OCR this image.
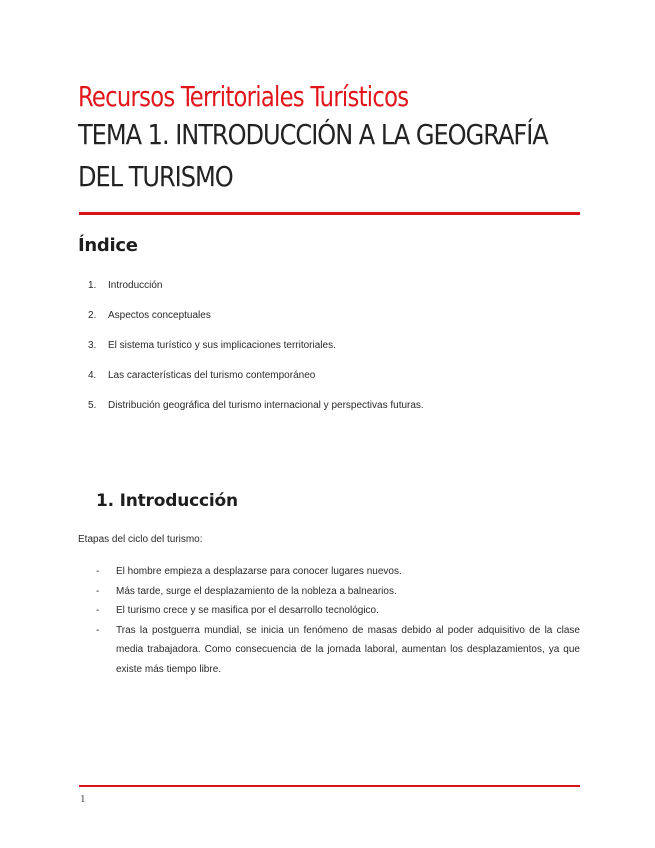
Recursos Territoriales Turísticos
TEMA 1. INTRODUCCIÓN A LA GEOGRAFÍA DEL TURISMO
Índice
1. Introducción
2. Aspectos conceptuales
3. El sistema turístico y sus implicaciones territoriales.
4. Las características del turismo contemporáneo
5. Distribución geográfica del turismo internacional y perspectivas futuras.
1. Introducción

Etapas del ciclo del turismo:

- El hombre empieza a desplazarse para conocer lugares nuevos.
- Más tarde, surge el desplazamiento de la nobleza a balnearios.
- El turismo crece y se masifica por el desarrollo tecnológico.
- Tras la postguerra mundial, se inicia un fenómeno de masas debido al poder adquisitivo de la clase media trabajadora. Como consecuencia de la jornada laboral, aumentan los desplazamientos, ya que existe más tiempo libre.
1
